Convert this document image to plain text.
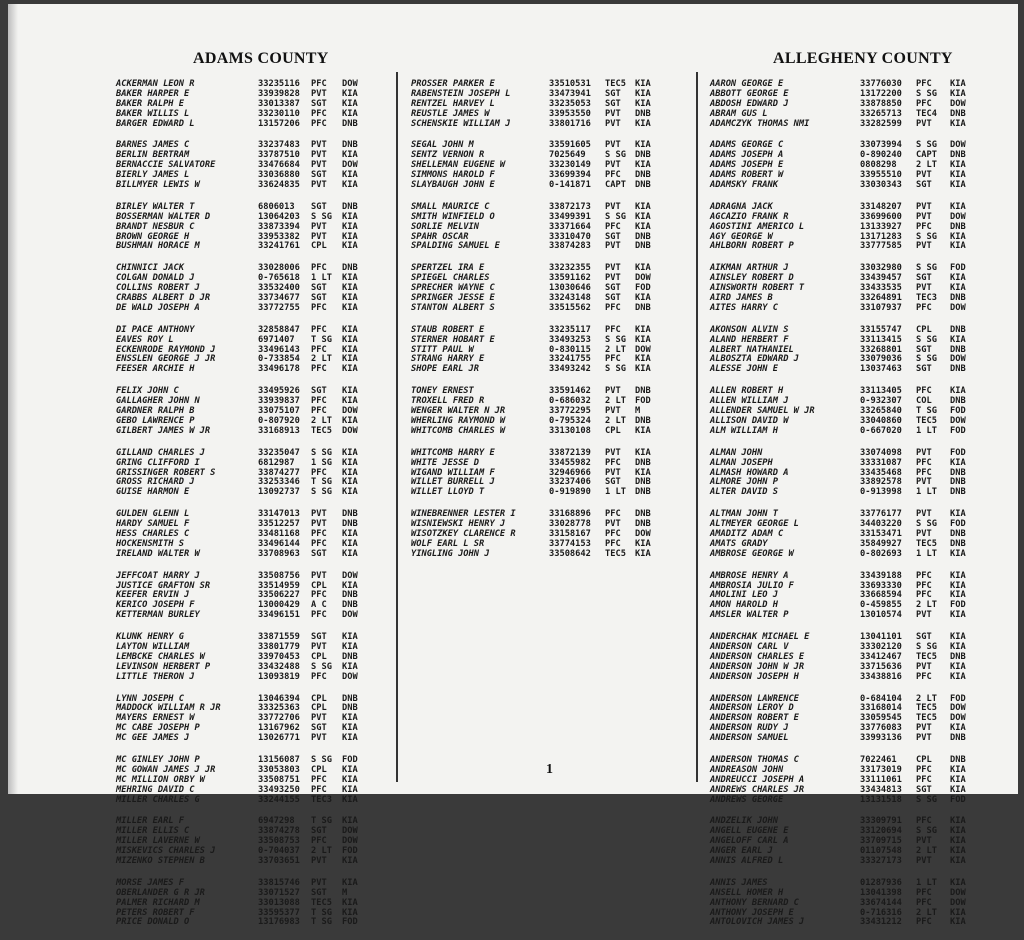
ADAMS COUNTY	ALLEGHENY COUNTY
ACKERMAN LEON R	33235116	PFC	DOW
BAKER HARPER E	33939828	PVT	KIA
BAKER RALPH E	33013387	SGT	KIA
BAKER WILLIS L	33230110	PFC	KIA
BARGER EDWARD L	13157206	PFC	DNB
BARNES JAMES C	33237483	PVT	DNB
BERLIN BERTRAM	33787510	PVT	KIA
BERNACCIE SALVATORE	33476684	PVT	DOW
BIERLY JAMES L	33036880	SGT	KIA
BILLMYER LEWIS W	33624835	PVT	KIA
BIRLEY WALTER T	6806013	SGT	DNB
BOSSERMAN WALTER D	13064203	S SG	KIA
BRANDT NESBUR C	33873394	PVT	KIA
BROWN GEORGE H	33953382	PVT	KIA
BUSHMAN HORACE M	33241761	CPL	KIA
CHINNICI JACK	33028006	PFC	DNB
COLGAN DONALD J	0-765618	1 LT	KIA
COLLINS ROBERT J	33532400	SGT	KIA
CRABBS ALBERT D JR	33734677	SGT	KIA
DE WALD JOSEPH A	33772755	PFC	KIA
DI PACE ANTHONY	32858847	PFC	KIA
EAVES ROY L	6971407	T SG	KIA
ECKENRODE RAYMOND J	33496143	PFC	KIA
ENSSLEN GEORGE J JR	0-733854	2 LT	KIA
FEESER ARCHIE H	33496178	PFC	KIA
FELIX JOHN C	33495926	SGT	KIA
GALLAGHER JOHN N	33939837	PFC	KIA
GARDNER RALPH B	33075107	PFC	DOW
GEBO LAWRENCE P	0-807920	2 LT	KIA
GILBERT JAMES W JR	33168913	TEC5	DOW
GILLAND CHARLES J	33235047	S SG	KIA
GRING CLIFFORD I	6812987	1 SG	KIA
GRISSINGER ROBERT S	33874277	PFC	KIA
GROSS RICHARD J	33253346	T SG	KIA
GUISE HARMON E	13092737	S SG	KIA
GULDEN GLENN L	33147013	PVT	DNB
HARDY SAMUEL F	33512257	PVT	DNB
HESS CHARLES C	33481168	PFC	KIA
HOCKENSMITH S	33496144	PFC	KIA
IRELAND WALTER W	33708963	SGT	KIA
JEFFCOAT HARRY J	33508756	PVT	DOW
JUSTICE GRAFTON SR	33514959	CPL	KIA
KEEFER ERVIN J	33506227	PFC	DNB
KERICO JOSEPH F	13000429	A C	DNB
KETTERMAN BURLEY	33496151	PFC	DOW
KLUNK HENRY G	33871559	SGT	KIA
LAYTON WILLIAM	33801779	PVT	KIA
LEMBCKE CHARLES W	33970453	CPL	DNB
LEVINSON HERBERT P	33432488	S SG	KIA
LITTLE THERON J	13093819	PFC	DOW
LYNN JOSEPH C	13046394	CPL	DNB
MADDOCK WILLIAM R JR	33325363	CPL	DNB
MAYERS ERNEST W	33772706	PVT	KIA
MC CABE JOSEPH P	13167962	SGT	KIA
MC GEE JAMES J	13026771	PVT	KIA
MC GINLEY JOHN P	13156087	S SG	FOD
MC GOWAN JAMES J JR	33053803	CPL	KIA
MC MILLION ORBY W	33508751	PFC	KIA
MEHRING DAVID C	33493250	PFC	KIA
MILLER CHARLES G	33244155	TEC3	KIA
MILLER EARL F	6947298	T SG	KIA
MILLER ELLIS C	33874278	SGT	DOW
MILLER LAVERNE W	33508753	PFC	DOW
MISKEVICS CHARLES J	0-704037	2 LT	FOD
MIZENKO STEPHEN B	33703651	PVT	KIA
MORSE JAMES F	33815746	PVT	KIA
OBERLANDER G R JR	33071527	SGT	M
PALMER RICHARD M	33013088	TEC5	KIA
PETERS ROBERT F	33595377	T SG	KIA
PRICE DONALD O	13176983	T SG	FOD
PROSSER PARKER E	33510531	TEC5	KIA
RABENSTEIN JOSEPH L	33473941	SGT	KIA
RENTZEL HARVEY L	33235053	SGT	KIA
REUSTLE JAMES W	33953550	PVT	DNB
SCHENSKIE WILLIAM J	33801716	PVT	KIA
SEGAL JOHN M	33591605	PVT	KIA
SENTZ VERNON R	7025649	S SG	DNB
SHELLEMAN EUGENE W	33230149	PVT	KIA
SIMMONS HAROLD F	33699394	PFC	DNB
SLAYBAUGH JOHN E	0-141871	CAPT	DNB
SMALL MAURICE C	33872173	PVT	KIA
SMITH WINFIELD O	33499391	S SG	KIA
SORLIE MELVIN	33371664	PFC	KIA
SPAHR OSCAR	33310470	SGT	DNB
SPALDING SAMUEL E	33874283	PVT	DNB
SPERTZEL IRA E	33232355	PVT	KIA
SPIEGEL CHARLES	33591162	PVT	DOW
SPRECHER WAYNE C	13030646	SGT	FOD
SPRINGER JESSE E	33243148	SGT	KIA
STANTON ALBERT S	33515562	PFC	DNB
STAUB ROBERT E	33235117	PFC	KIA
STERNER HOBART E	33493253	S SG	KIA
STITT PAUL W	0-830115	2 LT	DOW
STRANG HARRY E	33241755	PFC	KIA
SHOPE EARL JR	33493242	S SG	KIA
TONEY ERNEST	33591462	PVT	DNB
TROXELL FRED R	0-686032	2 LT	FOD
WENGER WALTER N JR	33772295	PVT	M
WHERLING RAYMOND W	0-795324	2 LT	DNB
WHITCOMB CHARLES W	33130108	CPL	KIA
WHITCOMB HARRY E	33872139	PVT	KIA
WHITE JESSE D	33455982	PFC	DNB
WIGAND WILLIAM F	32946966	PVT	KIA
WILLET BURRELL J	33237406	SGT	DNB
WILLET LLOYD T	0-919890	1 LT	DNB
WINEBRENNER LESTER I	33168896	PFC	DNB
WISNIEWSKI HENRY J	33028778	PVT	DNB
WISOTZKEY CLARENCE R	33158167	PFC	DOW
WOLF EARL L SR	33774153	PFC	KIA
YINGLING JOHN J	33508642	TEC5	KIA
AARON GEORGE E	33776030	PFC	KIA
ABBOTT GEORGE E	13172200	S SG	KIA
ABDOSH EDWARD J	33878850	PFC	DOW
ABRAM GUS L	33265713	TEC4	DNB
ADAMCZYK THOMAS NMI	33282599	PVT	KIA
ADAMS GEORGE C	33073994	S SG	DOW
ADAMS JOSEPH A	0-890240	CAPT	DNB
ADAMS JOSEPH E	0808298	2 LT	KIA
ADAMS ROBERT W	33955510	PVT	KIA
ADAMSKY FRANK	33030343	SGT	KIA
ADRAGNA JACK	33148207	PVT	KIA
AGCAZIO FRANK R	33699600	PVT	DOW
AGOSTINI AMERICO L	13133927	PFC	DNB
AGY GEORGE W	13171283	S SG	KIA
AHLBORN ROBERT P	33777585	PVT	KIA
AIKMAN ARTHUR J	33032980	S SG	FOD
AINSLEY ROBERT D	33439457	SGT	KIA
AINSWORTH ROBERT T	33433535	PVT	KIA
AIRD JAMES B	33264891	TEC3	DNB
AITES HARRY C	33107937	PFC	DOW
AKONSON ALVIN S	33155747	CPL	DNB
ALAND HERBERT F	33113415	S SG	KIA
ALBERT NATHANIEL	33268801	SGT	DNB
ALBOSZTA EDWARD J	33079036	S SG	DOW
ALESSE JOHN E	13037463	SGT	DNB
ALLEN ROBERT H	33113405	PFC	KIA
ALLEN WILLIAM J	0-932307	COL	DNB
ALLENDER SAMUEL W JR	33265840	T SG	FOD
ALLISON DAVID W	33040860	TEC5	DOW
ALM WILLIAM H	0-667020	1 LT	FOD
ALMAN JOHN	33074098	PVT	FOD
ALMAN JOSEPH	33331087	PFC	KIA
ALMASH HOWARD A	33435468	PFC	DNB
ALMORE JOHN P	33892578	PVT	DNB
ALTER DAVID S	0-913998	1 LT	DNB
ALTMAN JOHN T	33776177	PVT	KIA
ALTMEYER GEORGE L	34403220	S SG	FOD
AMADITZ ADAM C	33153471	PVT	DNB
AMATS GRADY	35849927	TEC5	DNB
AMBROSE GEORGE W	0-802693	1 LT	KIA
AMBROSE HENRY A	33439188	PFC	KIA
AMBROSIA JULIO F	33693330	PFC	KIA
AMOLINI LEO J	33668594	PFC	KIA
AMON HAROLD H	0-459855	2 LT	FOD
AMSLER WALTER P	13010574	PVT	KIA
ANDERCHAK MICHAEL E	13041101	SGT	KIA
ANDERSON CARL V	33302120	S SG	KIA
ANDERSON CHARLES E	33412467	TEC5	DNB
ANDERSON JOHN W JR	33715636	PVT	KIA
ANDERSON JOSEPH H	33438816	PFC	KIA
ANDERSON LAWRENCE	0-684104	2 LT	FOD
ANDERSON LEROY D	33168014	TEC5	DOW
ANDERSON ROBERT E	33059545	TEC5	DOW
ANDERSON RUDY J	33776083	PVT	KIA
ANDERSON SAMUEL	33993136	PVT	DNB
ANDERSON THOMAS C	7022461	CPL	DNB
ANDREASON JOHN	33173019	PFC	KIA
ANDREUCCI JOSEPH A	33111061	PFC	KIA
ANDREWS CHARLES JR	33434813	SGT	KIA
ANDREWS GEORGE	13131518	S SG	FOD
ANDZELIK JOHN	33309791	PFC	KIA
ANGELL EUGENE E	33120694	S SG	KIA
ANGELOFF CARL A	33709715	PVT	KIA
ANGER EARL J	01107548	2 LT	KIA
ANNIS ALFRED L	33327173	PVT	KIA
ANNIS JAMES	01287936	1 LT	KIA
ANSELL HOMER H	13041398	PFC	DOW
ANTHONY BERNARD C	33674144	PFC	DOW
ANTHONY JOSEPH E	0-716316	2 LT	KIA
ANTOLOVICH JAMES J	33431212	PFC	KIA
1
